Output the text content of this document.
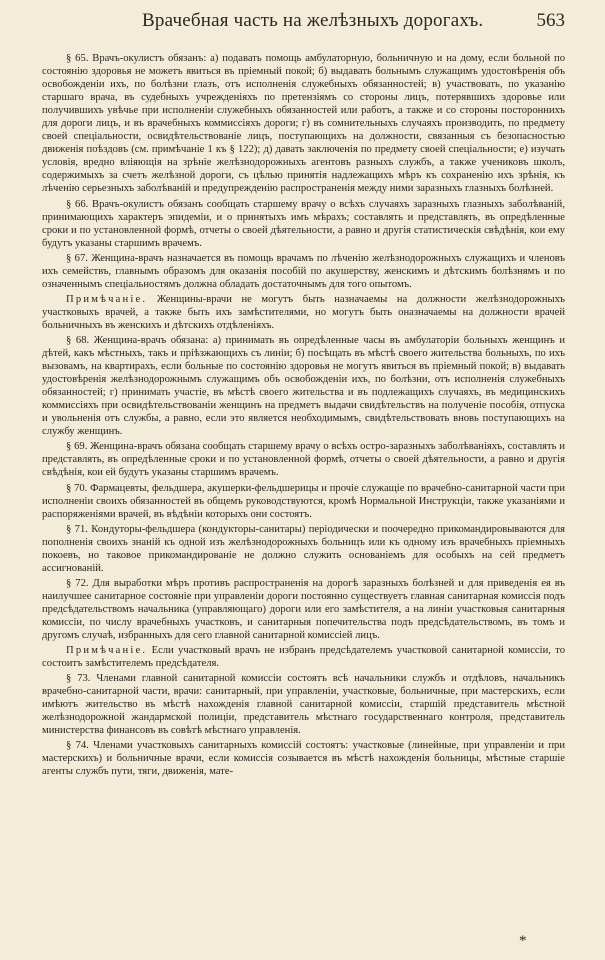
Врачебная часть на желѣзныхъ дорогахъ.	563

§ 65. Врачъ-окулистъ обязанъ: а) подавать помощь амбулаторную, больничную и на дому, если больной по состоянію здоровья не можетъ явиться въ пріемный покой; б) выдавать больнымъ служащимъ удостовѣренія объ освобожденіи ихъ, по болѣзни глазъ, отъ исполненія служебныхъ обязанностей; в) участвовать, по указанію старшаго врача, въ судебныхъ учрежденіяхъ по претензіямъ со стороны лицъ, потерявшихъ здоровье или получившихъ увѣчье при исполненіи служебныхъ обязанностей или работъ, а также и со стороны постороннихъ для дороги лицъ, и въ врачебныхъ коммиссіяхъ дороги; г) въ сомнительныхъ случаяхъ производить, по предмету своей спеціальности, освидѣтельствованіе лицъ, поступающихъ на должности, связанныя съ безопасностью движенія поѣздовъ (см. примѣчаніе 1 къ § 122); д) давать заключенія по предмету своей спеціальности; е) изучать условія, вредно вліяющія на зрѣніе желѣзнодорожныхъ агентовъ разныхъ службъ, а также учениковъ школъ, содержимыхъ за счетъ желѣзной дороги, съ цѣлью принятія надлежащихъ мѣръ къ сохраненію ихъ зрѣнія, къ лѣченію серьезныхъ заболѣваній и предупрежденію распространенія между ними заразныхъ глазныхъ болѣзней.

§ 66. Врачъ-окулистъ обязанъ сообщать старшему врачу о всѣхъ случаяхъ заразныхъ глазныхъ заболѣваній, принимающихъ характеръ эпидеміи, и о принятыхъ имъ мѣрахъ; составлять и представлять, въ опредѣленные сроки и по установленной формѣ, отчеты о своей дѣятельности, а равно и другія статистическія свѣдѣнія, кои ему будутъ указаны старшимъ врачемъ.

§ 67. Женщина-врачъ назначается въ помощь врачамъ по лѣченію желѣзнодорожныхъ служащихъ и членовъ ихъ семействъ, главнымъ образомъ для оказанія пособій по акушерству, женскимъ и дѣтскимъ болѣзнямъ и по означеннымъ спеціальностямъ должна обладать достаточнымъ для того опытомъ.

Примѣчаніе. Женщины-врачи не могутъ быть назначаемы на должности желѣзнодорожныхъ участковыхъ врачей, а также быть ихъ замѣстителями, но могутъ быть оназначаемы на должности врачей больничныхъ въ женскихъ и дѣтскихъ отдѣленіяхъ.

§ 68. Женщина-врачъ обязана: а) принимать въ опредѣленные часы въ амбулаторіи больныхъ женщинъ и дѣтей, какъ мѣстныхъ, такъ и пріѣзжающихъ съ линіи; б) посѣщать въ мѣстѣ своего жительства больныхъ, по ихъ вызовамъ, на квартирахъ, если больные по состоянію здоровья не могутъ явиться въ пріемный покой; в) выдавать удостовѣренія желѣзнодорожнымъ служащимъ объ освобожденіи ихъ, по болѣзни, отъ исполненія служебныхъ обязанностей; г) принимать участіе, въ мѣстѣ своего жительства и въ подлежащихъ случаяхъ, въ медицинскихъ коммиссіяхъ при освидѣтельствованіи женщинъ на предметъ выдачи свидѣтельствъ на полученіе пособія, отпуска и увольненія отъ службы, а равно, если это является необходимымъ, свидѣтельствовать вновь поступающихъ на службу женщинъ.

§ 69. Женщина-врачъ обязана сообщать старшему врачу о всѣхъ остро-заразныхъ заболѣваніяхъ, составлять и представлять, въ опредѣленные сроки и по установленной формѣ, отчеты о своей дѣятельности, а равно и другія свѣдѣнія, кои ей будутъ указаны старшимъ врачемъ.

§ 70. Фармацевты, фельдшера, акушерки-фельдшерицы и прочіе служащіе по врачебно-санитарной части при исполненіи своихъ обязанностей въ общемъ руководствуются, кромѣ Нормальной Инструкціи, также указаніями и распоряженіями врачей, въ вѣдѣніи которыхъ они состоятъ.

§ 71. Кондуторы-фельдшера (кондукторы-санитары) періодически и поочередно прикомандировываются для пополненія своихъ знаній къ одной изъ желѣзнодорожныхъ больницъ или къ одному изъ врачебныхъ пріемныхъ покоевъ, но таковое прикомандированіе не должно служить основаніемъ для особыхъ на сей предметъ ассигнованій.

§ 72. Для выработки мѣръ противъ распространенія на дорогѣ заразныхъ болѣзней и для приведенія ея въ наилучшее санитарное состояніе при управленіи дороги постоянно существуетъ главная санитарная комиссія подъ предсѣдательствомъ начальника (управляющаго) дороги или его замѣстителя, а на линіи участковыя санитарныя комиссіи, по числу врачебныхъ участковъ, и санитарныя попечительства подъ предсѣдательствомъ, въ томъ и другомъ случаѣ, избранныхъ для сего главной санитарной комиссіей лицъ.

Примѣчаніе. Если участковый врачъ не избранъ предсѣдателемъ участковой санитарной комиссіи, то состоитъ замѣстителемъ предсѣдателя.

§ 73. Членами главной санитарной комиссіи состоятъ всѣ начальники службъ и отдѣловъ, начальникъ врачебно-санитарной части, врачи: санитарный, при управленіи, участковые, больничные, при мастерскихъ, если имѣютъ жительство въ мѣстѣ нахожденія главной санитарной комиссіи, старшій представитель мѣстной желѣзнодорожной жандармской полиціи, представитель мѣстнаго государственнаго контроля, представитель министерства финансовъ въ совѣтѣ мѣстнаго управленія.

§ 74. Членами участковыхъ санитарныхъ комиссій состоятъ: участковые (линейные, при управленіи и при мастерскихъ) и больничные врачи, если комиссія созывается въ мѣстѣ нахожденія больницы, мѣстные старшіе агенты службъ пути, тяги, движенія, мате-

*
